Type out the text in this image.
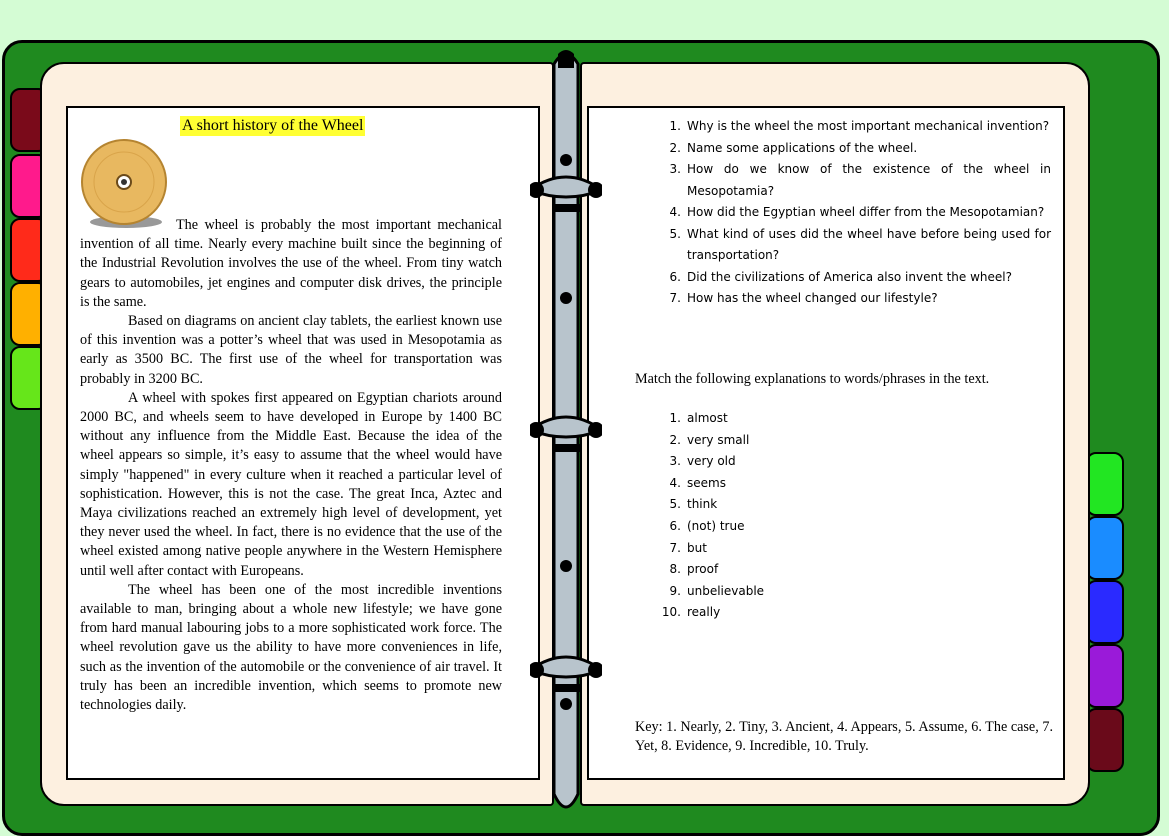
A short history of the Wheel

The wheel is probably the most important mechanical invention of all time. Nearly every machine built since the beginning of the Industrial Revolution involves the use of the wheel. From tiny watch gears to automobiles, jet engines and computer disk drives, the principle is the same.

Based on diagrams on ancient clay tablets, the earliest known use of this invention was a potter’s wheel that was used in Mesopotamia as early as 3500 BC. The first use of the wheel for transportation was probably in 3200 BC.

A wheel with spokes first appeared on Egyptian chariots around 2000 BC, and wheels seem to have developed in Europe by 1400 BC without any influence from the Middle East. Because the idea of the wheel appears so simple, it’s easy to assume that the wheel would have simply "happened" in every culture when it reached a particular level of sophistication. However, this is not the case. The great Inca, Aztec and Maya civilizations reached an extremely high level of development, yet they never used the wheel. In fact, there is no evidence that the use of the wheel existed among native people anywhere in the Western Hemisphere until well after contact with Europeans.

The wheel has been one of the most incredible inventions available to man, bringing about a whole new lifestyle; we have gone from hard manual labouring jobs to a more sophisticated work force. The wheel revolution gave us the ability to have more conveniences in life, such as the invention of the automobile or the convenience of air travel. It truly has been an incredible invention, which seems to promote new technologies daily.

1. Why is the wheel the most important mechanical invention?
2. Name some applications of the wheel.
3. How do we know of the existence of the wheel in Mesopotamia?
4. How did the Egyptian wheel differ from the Mesopotamian?
5. What kind of uses did the wheel have before being used for transportation?
6. Did the civilizations of America also invent the wheel?
7. How has the wheel changed our lifestyle?
Match the following explanations to words/phrases in the text.
1. almost
2. very small
3. very old
4. seems
5. think
6. (not) true
7. but
8. proof
9. unbelievable
10. really
Key: 1. Nearly, 2. Tiny, 3. Ancient, 4. Appears, 5. Assume, 6. The case, 7. Yet, 8. Evidence, 9. Incredible, 10. Truly.
